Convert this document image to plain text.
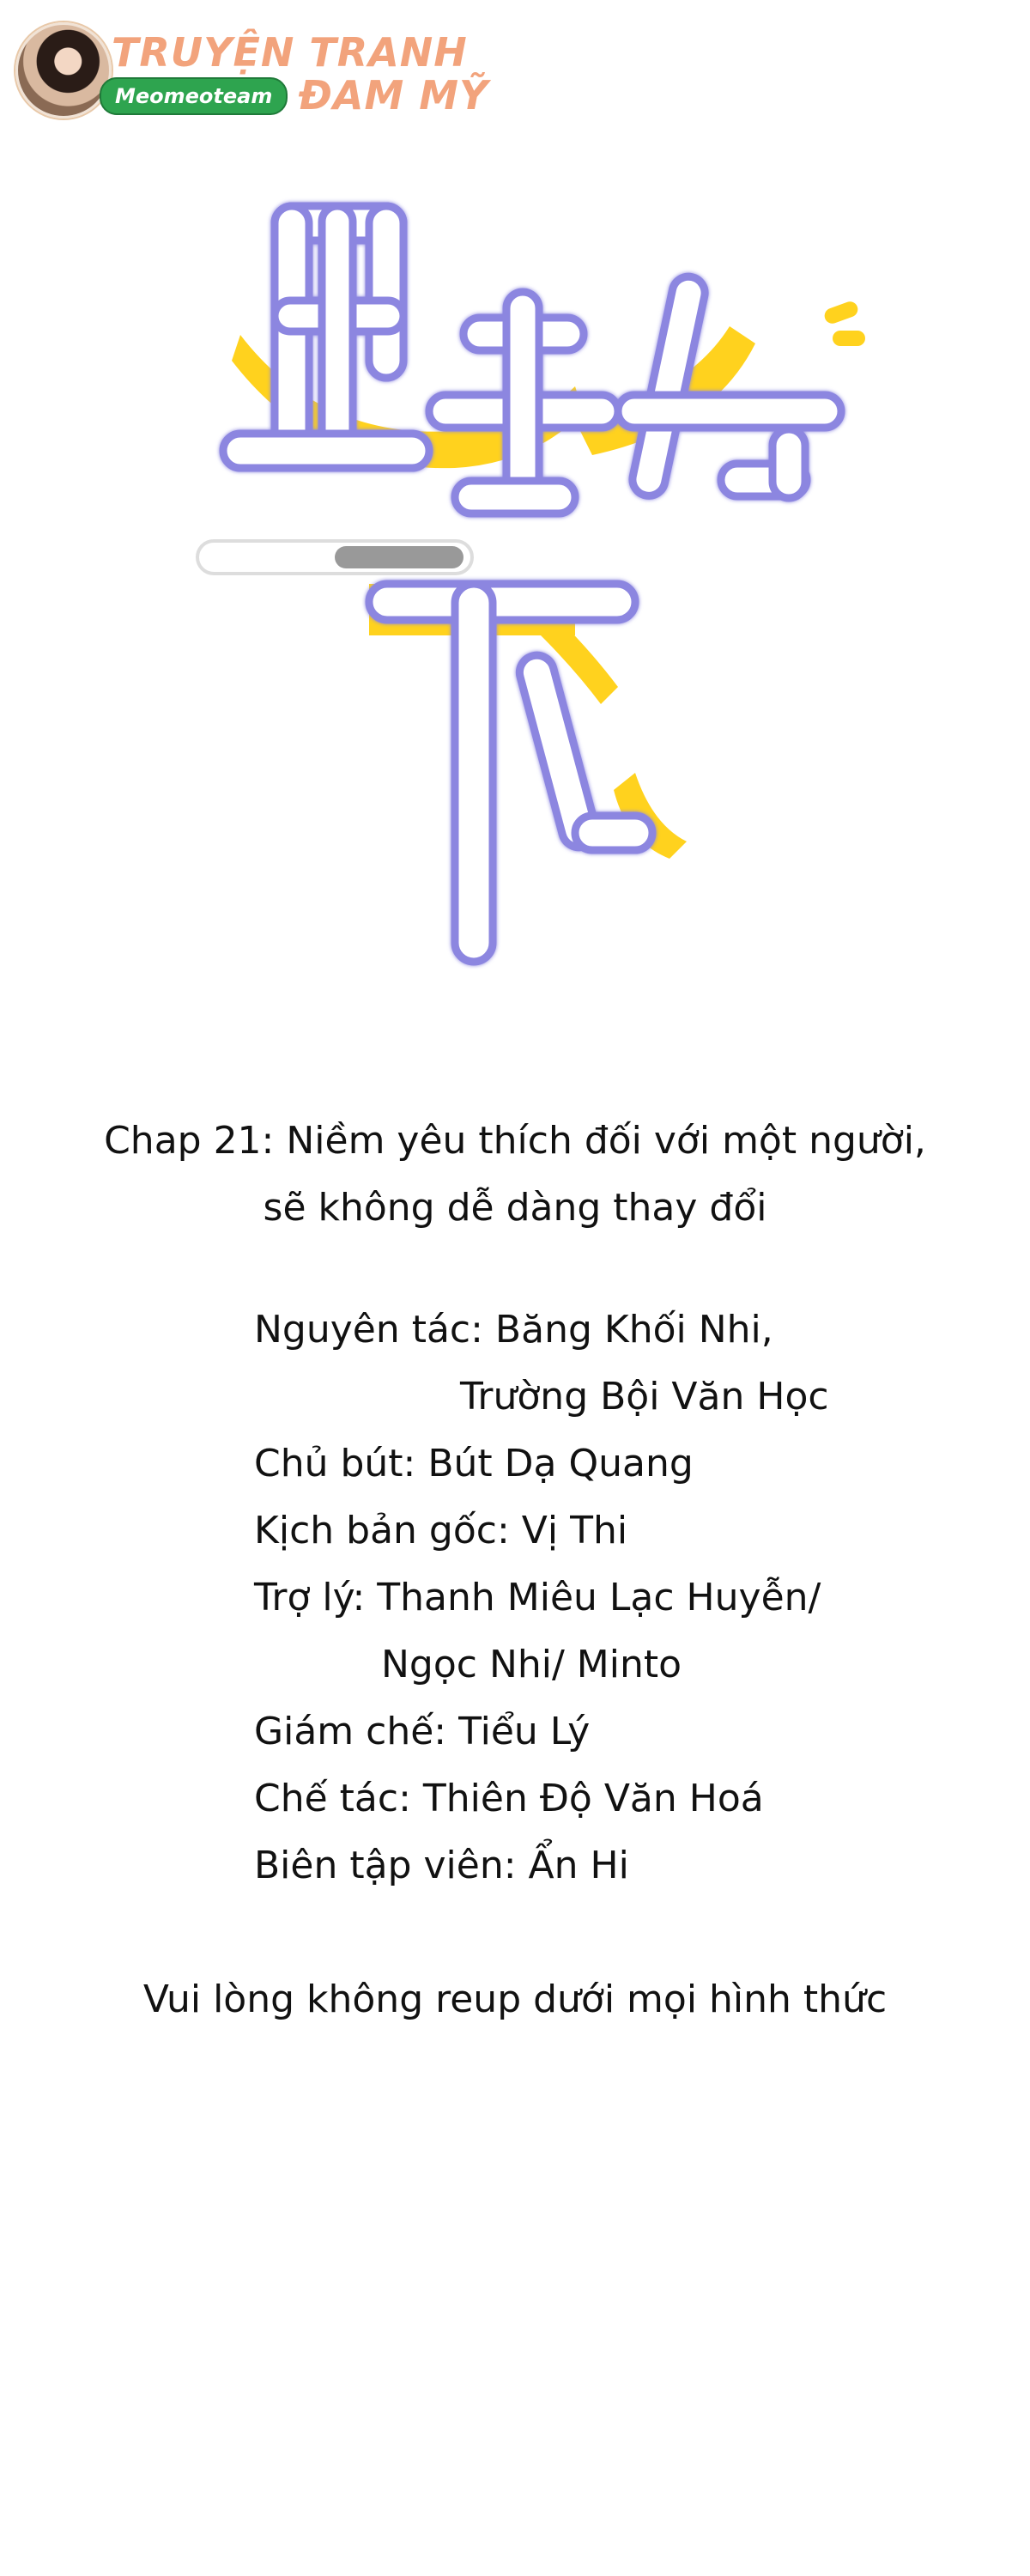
TRUYỆN TRANH
Meomeoteam ĐAM MỸ
Chap 21: Niềm yêu thích đối với một người,
sẽ không dễ dàng thay đổi
Nguyên tác: Băng Khối Nhi,
Trường Bội Văn Học
Chủ bút: Bút Dạ Quang
Kịch bản gốc: Vị Thi
Trợ lý: Thanh Miêu Lạc Huyễn/
Ngọc Nhi/ Minto
Giám chế: Tiểu Lý
Chế tác: Thiên Độ Văn Hoá
Biên tập viên: Ẩn Hi
Vui lòng không reup dưới mọi hình thức
